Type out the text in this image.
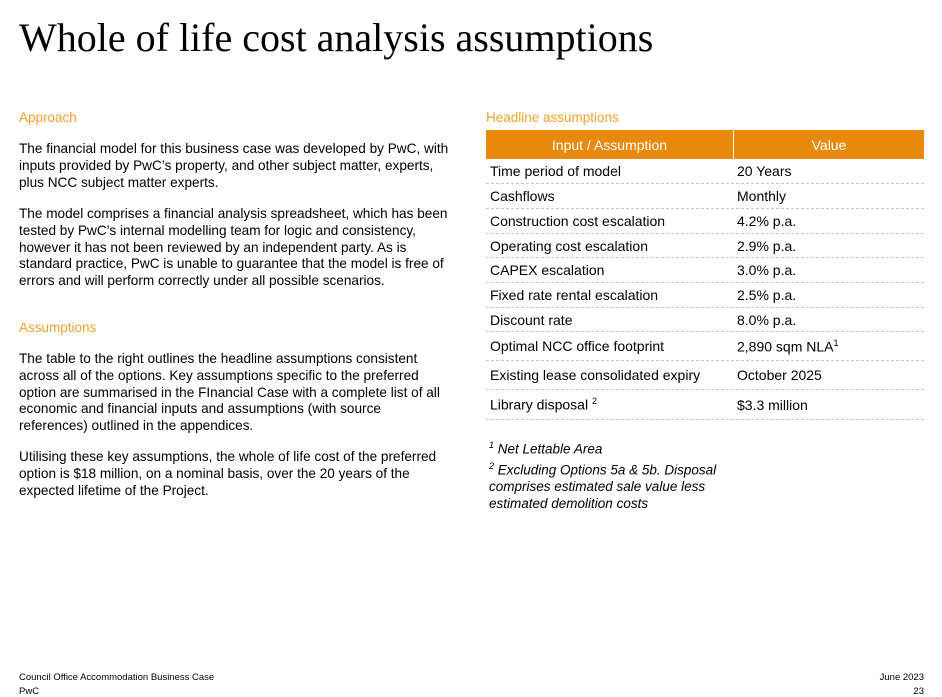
Whole of life cost analysis assumptions
Approach

The financial model for this business case was developed by PwC, with inputs provided by PwC’s property, and other subject matter, experts, plus NCC subject matter experts.

The model comprises a financial analysis spreadsheet, which has been tested by PwC’s internal modelling team for logic and consistency, however it has not been reviewed by an independent party. As is standard practice, PwC is unable to guarantee that the model is free of errors and will perform correctly under all possible scenarios.

Assumptions

The table to the right outlines the headline assumptions consistent across all of the options. Key assumptions specific to the preferred option are summarised in the FInancial Case with a complete list of all economic and financial inputs and assumptions (with source references) outlined in the appendices.

Utilising these key assumptions, the whole of life cost of the preferred option is $18 million, on a nominal basis, over the 20 years of the expected lifetime of the Project.

Headline assumptions
Input / Assumption	Value
Time period of model	20 Years
Cashflows	Monthly
Construction cost escalation	4.2% p.a.
Operating cost escalation	2.9% p.a.
CAPEX escalation	3.0% p.a.
Fixed rate rental escalation	2.5% p.a.
Discount rate	8.0% p.a.
Optimal NCC office footprint	2,890 sqm NLA$^1$
Existing lease consolidated expiry	October 2025
Library disposal $^2$	$3.3 million
$^1$ Net Lettable Area
$^2$ Excluding Options 5a & 5b. Disposal comprises estimated sale value less estimated demolition costs
Council Office Accommodation Business Case
PwC
June 2023
23
